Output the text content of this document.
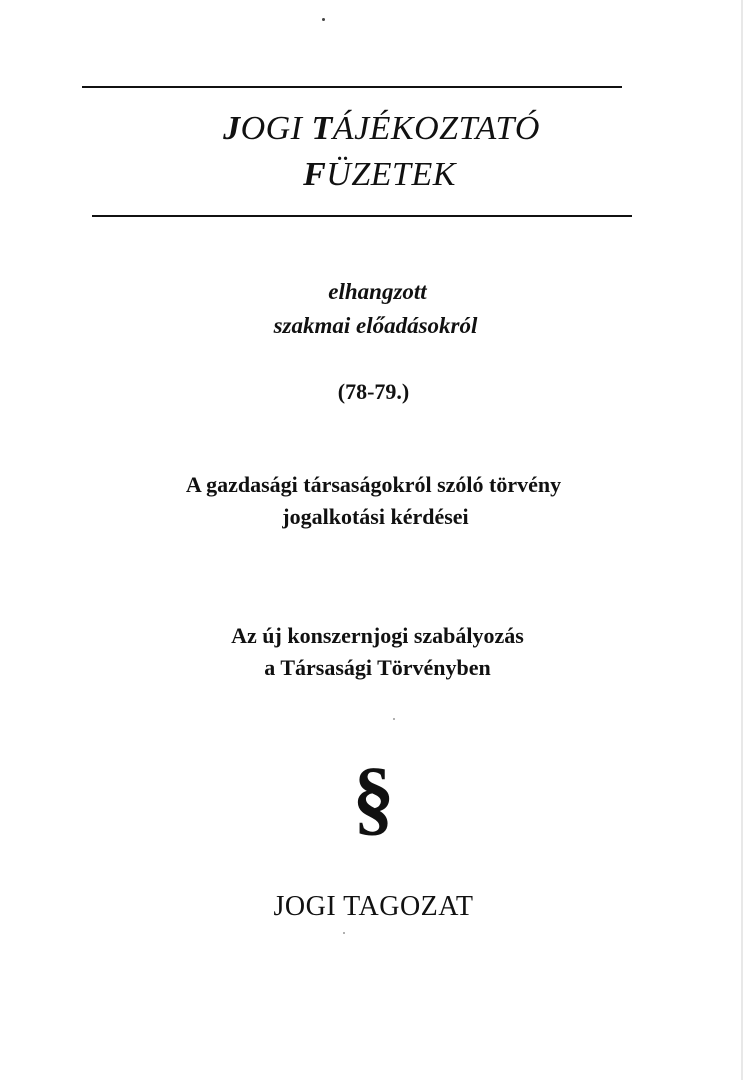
JOGI TÁJÉKOZTATÓ
FÜZETEK
elhangzott
szakmai előadásokról
(78-79.)
A gazdasági társaságokról szóló törvény
jogalkotási kérdései
Az új konszernjogi szabályozás
a Társasági Törvényben
§
JOGI TAGOZAT
